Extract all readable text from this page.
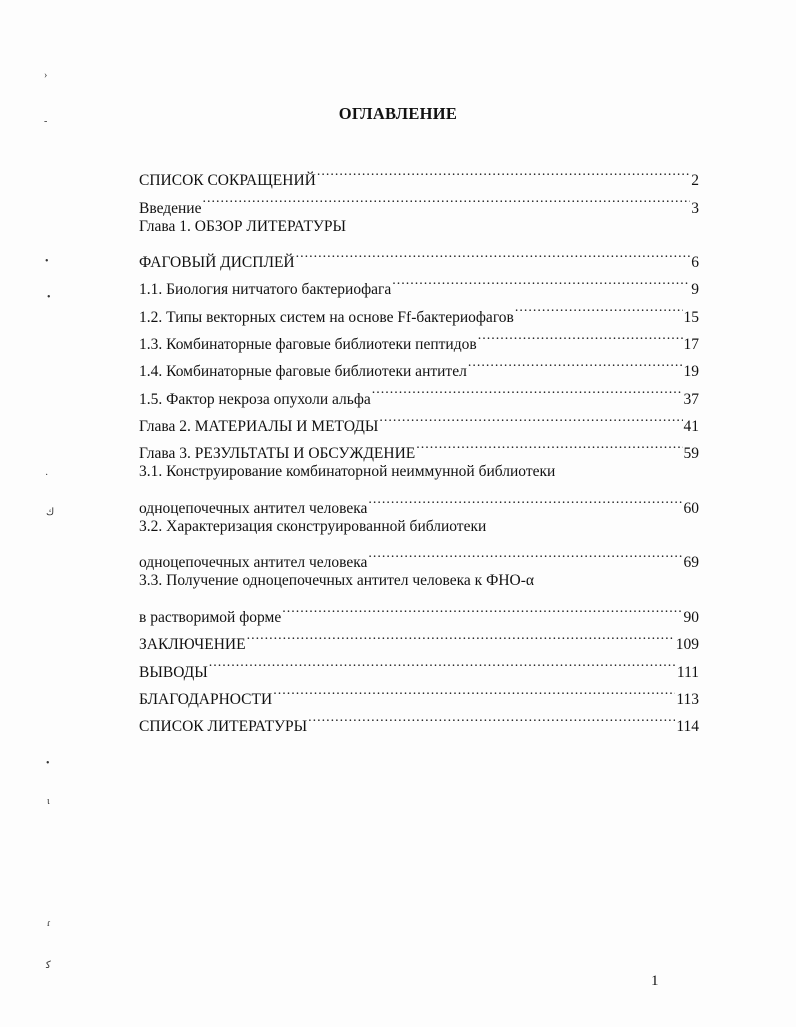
ОГЛАВЛЕНИЕ
СПИСОК СОКРАЩЕНИЙ .....	2
Введение .....	3
Глава 1. ОБЗОР ЛИТЕРАТУРЫ
ФАГОВЫЙ ДИСПЛЕЙ .....	6
1.1. Биология нитчатого бактериофага .....	9
1.2. Типы векторных систем на основе Ff-бактериофагов .....	15
1.3. Комбинаторные фаговые библиотеки пептидов .....	17
1.4. Комбинаторные фаговые библиотеки антител .....	19
1.5. Фактор некроза опухоли альфа .....	37
Глава 2. МАТЕРИАЛЫ И МЕТОДЫ .....	41
Глава 3. РЕЗУЛЬТАТЫ И ОБСУЖДЕНИЕ .....	59
3.1. Конструирование комбинаторной неиммунной библиотеки
одноцепочечных антител человека .....	60
3.2. Характеризация сконструированной библиотеки
одноцепочечных антител человека .....	69
3.3. Получение одноцепочечных антител человека к ФНО-α
в растворимой форме .....	90
ЗАКЛЮЧЕНИЕ .....	109
ВЫВОДЫ .....	111
БЛАГОДАРНОСТИ .....	113
СПИСОК ЛИТЕРАТУРЫ .....	114
1
›
-
•
•
·
ﻙ
•
ι
ɾ
ﻛ
